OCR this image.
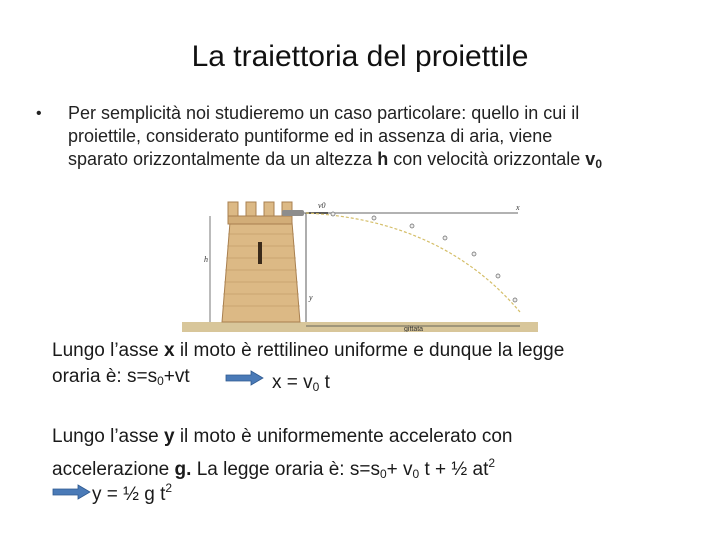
La traiettoria del proiettile
• Per semplicità noi studieremo un caso particolare: quello in cui il
proiettile, considerato puntiforme ed in assenza di aria, viene
sparato orizzontalmente da un altezza h con velocità orizzontale $v_0$
h
x
y
v0
gittata
Lungo l’asse x il moto è rettilineo uniforme e dunque la legge
oraria è: $s=s_0+vt$	$x = v_0$ t
Lungo l’asse y il moto è uniformemente accelerato con
accelerazione g. La legge oraria è: $s=s_0+ v_0$ t + ½ $at^2$
y = ½ g $t^2$
